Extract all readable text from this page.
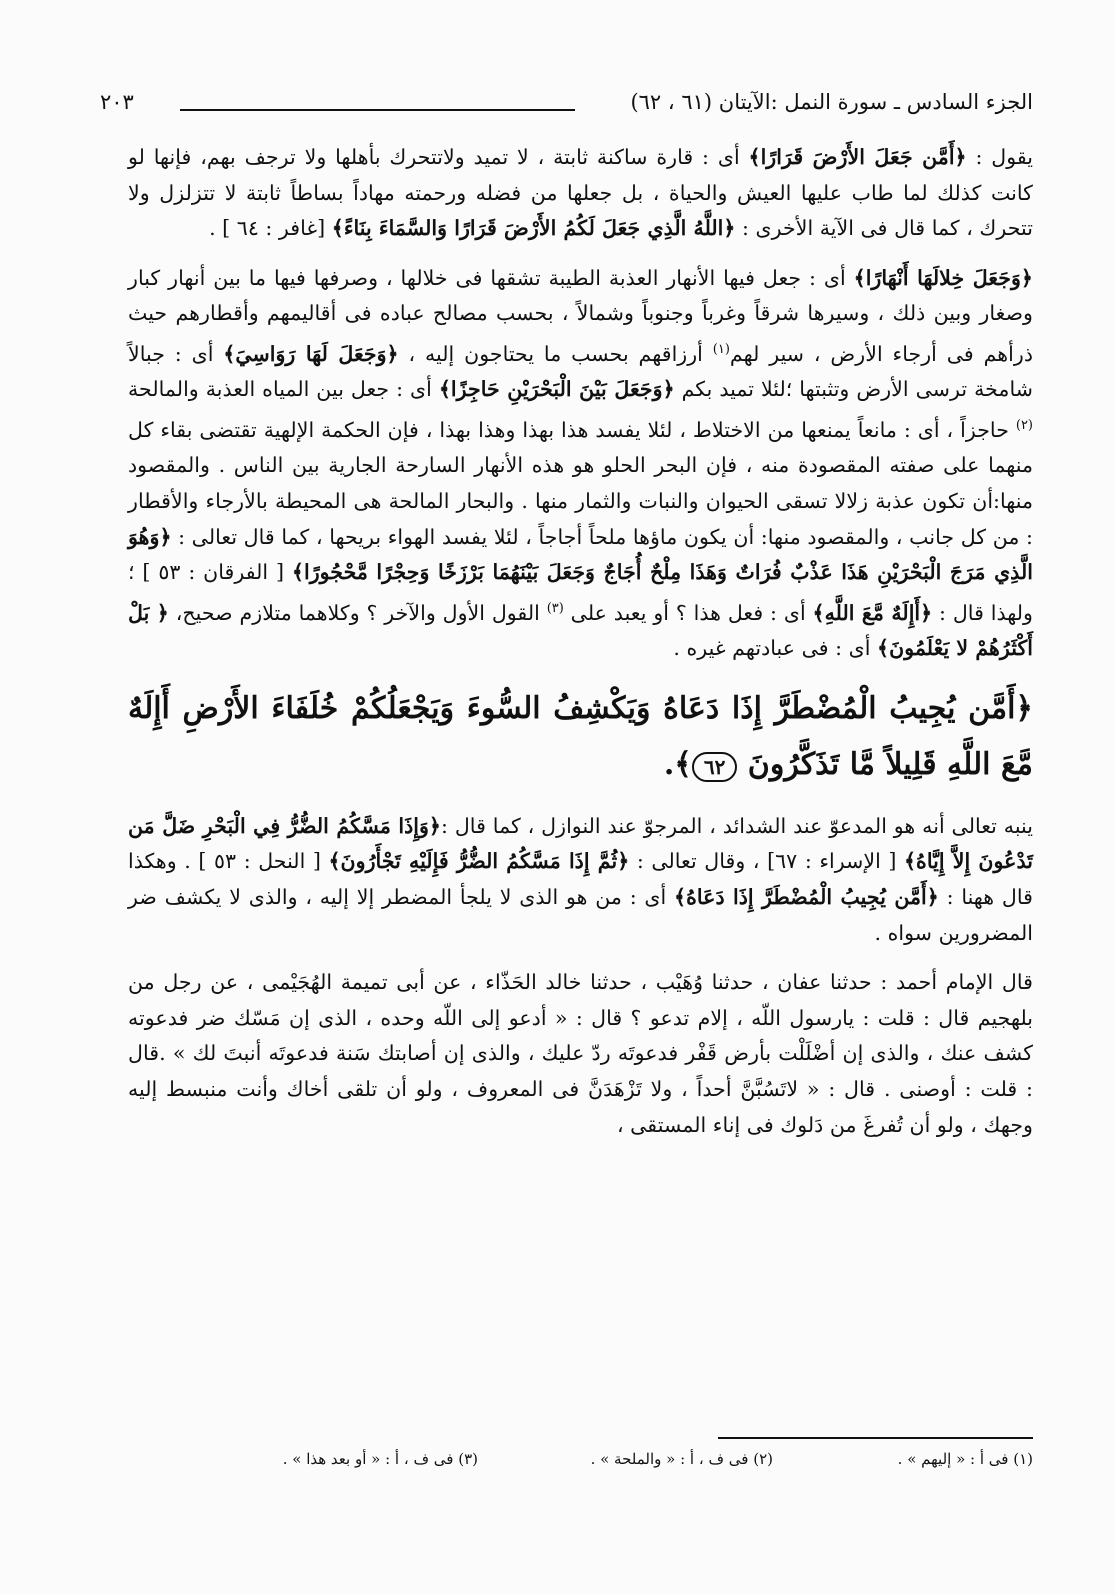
الجزء السادس ـ سورة النمل :الآيتان (٦١ ، ٦٢)
٢٠٣

يقول : ﴿أَمَّن جَعَلَ الأَرْضَ قَرَارًا﴾ أى : قارة ساكنة ثابتة ، لا تميد ولاتتحرك بأهلها ولا ترجف بهم، فإنها لو كانت كذلك لما طاب عليها العيش والحياة ، بل جعلها من فضله ورحمته مهاداً بساطاً ثابتة لا تتزلزل ولا تتحرك ، كما قال فى الآية الأخرى : ﴿اللَّهُ الَّذِي جَعَلَ لَكُمُ الأَرْضَ قَرَارًا وَالسَّمَاءَ بِنَاءً﴾ [غافر : ٦٤ ] .

﴿وَجَعَلَ خِلالَهَا أَنْهَارًا﴾ أى : جعل فيها الأنهار العذبة الطيبة تشقها فى خلالها ، وصرفها فيها ما بين أنهار كبار وصغار وبين ذلك ، وسيرها شرقاً وغرباً وجنوباً وشمالاً ، بحسب مصالح عباده فى أقاليمهم وأقطارهم حيث ذرأهم فى أرجاء الأرض ، سير لهم$^{(١)}$ أرزاقهم بحسب ما يحتاجون إليه ، ﴿وَجَعَلَ لَهَا رَوَاسِيَ﴾ أى : جبالاً شامخة ترسى الأرض وتثبتها ؛لئلا تميد بكم ﴿وَجَعَلَ بَيْنَ الْبَحْرَيْنِ حَاجِزًا﴾ أى : جعل بين المياه العذبة والمالحة $^{(٢)}$ حاجزاً ، أى : مانعاً يمنعها من الاختلاط ، لئلا يفسد هذا بهذا وهذا بهذا ، فإن الحكمة الإلهية تقتضى بقاء كل منهما على صفته المقصودة منه ، فإن البحر الحلو هو هذه الأنهار السارحة الجارية بين الناس . والمقصود منها:أن تكون عذبة زلالا تسقى الحيوان والنبات والثمار منها . والبحار المالحة هى المحيطة بالأرجاء والأقطار : من كل جانب ، والمقصود منها: أن يكون ماؤها ملحاً أجاجاً ، لئلا يفسد الهواء بريحها ، كما قال تعالى : ﴿وَهُوَ الَّذِي مَرَجَ الْبَحْرَيْنِ هَذَا عَذْبٌ فُرَاتٌ وَهَذَا مِلْحٌ أُجَاجٌ وَجَعَلَ بَيْنَهُمَا بَرْزَخًا وَحِجْرًا مَّحْجُورًا﴾ [ الفرقان : ٥٣ ] ؛ ولهذا قال : ﴿أَإِلَهٌ مَّعَ اللَّهِ﴾ أى : فعل هذا ؟ أو يعبد على $^{(٣)}$ القول الأول والآخر ؟ وكلاهما متلازم صحيح، ﴿ بَلْ أَكْثَرُهُمْ لا يَعْلَمُونَ﴾ أى : فى عبادتهم غيره .

﴿أَمَّن يُجِيبُ الْمُضْطَرَّ إِذَا دَعَاهُ وَيَكْشِفُ السُّوءَ وَيَجْعَلُكُمْ خُلَفَاءَ الأَرْضِ أَإِلَهٌ مَّعَ اللَّهِ قَلِيلاً مَّا تَذَكَّرُونَ ٦٢﴾.

ينبه تعالى أنه هو المدعوّ عند الشدائد ، المرجوّ عند النوازل ، كما قال :﴿وَإِذَا مَسَّكُمُ الضُّرُّ فِي الْبَحْرِ ضَلَّ مَن تَدْعُونَ إِلاَّ إِيَّاهُ﴾ [ الإسراء : ٦٧] ، وقال تعالى : ﴿ثُمَّ إِذَا مَسَّكُمُ الضُّرُّ فَإِلَيْهِ تَجْأَرُونَ﴾ [ النحل : ٥٣ ] . وهكذا قال ههنا : ﴿أَمَّن يُجِيبُ الْمُضْطَرَّ إِذَا دَعَاهُ﴾ أى : من هو الذى لا يلجأ المضطر إلا إليه ، والذى لا يكشف ضر المضرورين سواه .

قال الإمام أحمد : حدثنا عفان ، حدثنا وُهَيْب ، حدثنا خالد الحَذّاء ، عن أبى تميمة الهُجَيْمى ، عن رجل من بلهجيم قال : قلت : يارسول اللّه ، إلام تدعو ؟ قال : « أدعو إلى اللّه وحده ، الذى إن مَسّك ضر فدعوته كشف عنك ، والذى إن أضْلَلْت بأرض قَفْر فدعوتَه ردّ عليك ، والذى إن أصابتك سَنة فدعوتَه أنبتَ لك » .قال : قلت : أوصنى . قال : « لاتَسُبَّنَّ أحداً ، ولا تَزْهَدَنَّ فى المعروف ، ولو أن تلقى أخاك وأنت منبسط إليه وجهك ، ولو أن تُفرغَ من دَلوك فى إناء المستقى ،

(١) فى أ : « إليهم » .
(٢) فى ف ، أ : « والملحة » .
(٣) فى ف ، أ : « أو بعد هذا » .
